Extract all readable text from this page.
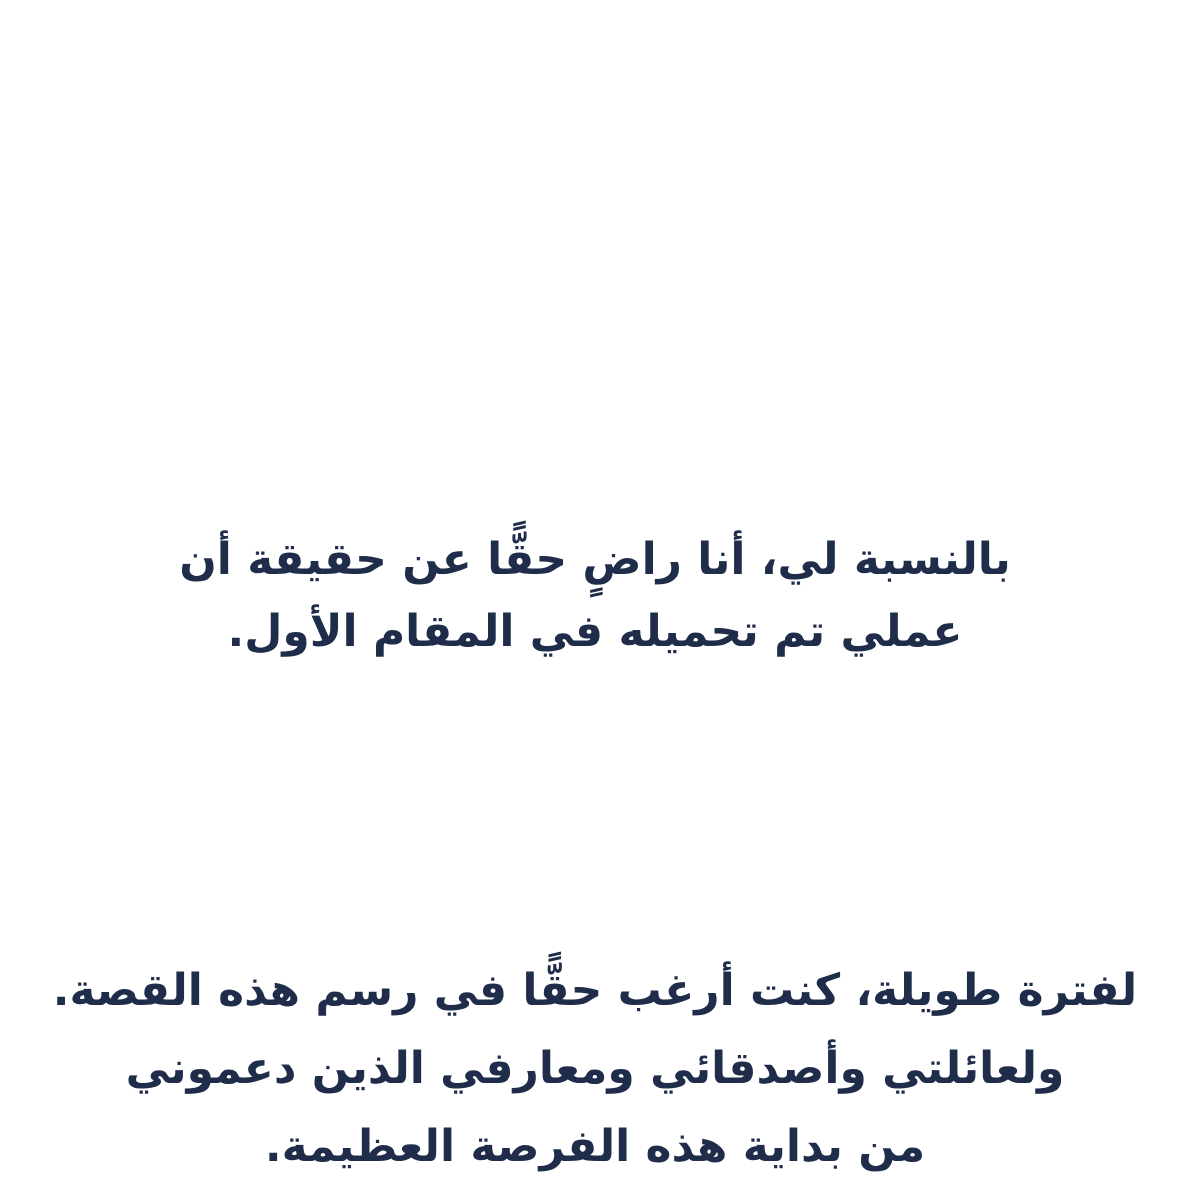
بالنسبة لي، أنا راضٍ حقًّا عن حقيقة أن
عملي تم تحميله في المقام الأول.
لفترة طويلة، كنت أرغب حقًّا في رسم هذه القصة.
ولعائلتي وأصدقائي ومعارفي الذين دعموني
من بداية هذه الفرصة العظيمة.
